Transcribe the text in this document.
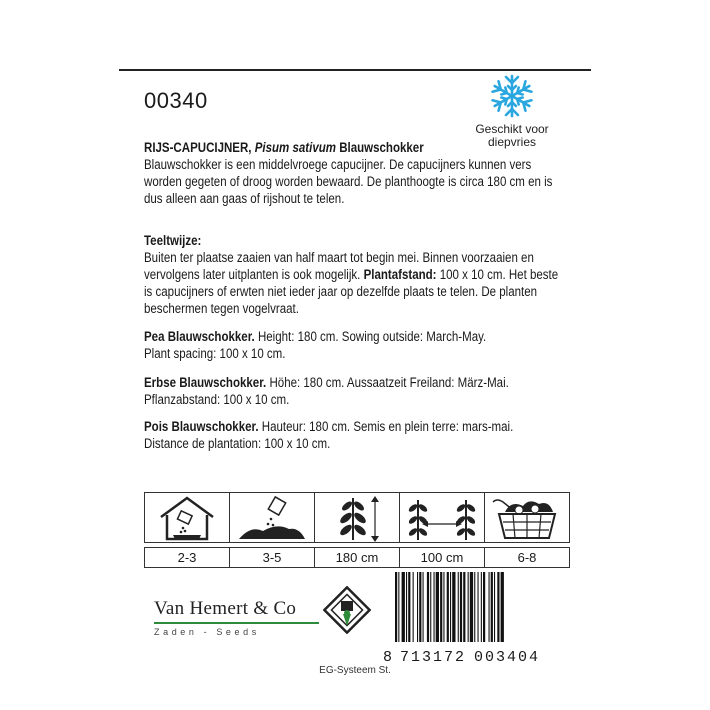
00340
Geschikt voor
diepvries
RIJS-CAPUCIJNER, Pisum sativum Blauwschokker
Blauwschokker is een middelvroege capucijner. De capucijners kunnen vers
worden gegeten of droog worden bewaard. De planthoogte is circa 180 cm en is
dus alleen aan gaas of rijshout te telen.
Teeltwijze:
Buiten ter plaatse zaaien van half maart tot begin mei. Binnen voorzaaien en
vervolgens later uitplanten is ook mogelijk. Plantafstand: 100 x 10 cm. Het beste
is capucijners of erwten niet ieder jaar op dezelfde plaats te telen. De planten
beschermen tegen vogelvraat.
Pea Blauwschokker. Height: 180 cm. Sowing outside: March-May.
Plant spacing: 100 x 10 cm.
Erbse Blauwschokker. Höhe: 180 cm. Aussaatzeit Freiland: März-Mai.
Pflanzabstand: 100 x 10 cm.
Pois Blauwschokker. Hauteur: 180 cm. Semis en plein terre: mars-mai.
Distance de plantation: 100 x 10 cm.
2-3	3-5	180 cm	100 cm	6-8
Van Hemert & Co
Zaden - Seeds
8 713172 003404
EG-Systeem St.
